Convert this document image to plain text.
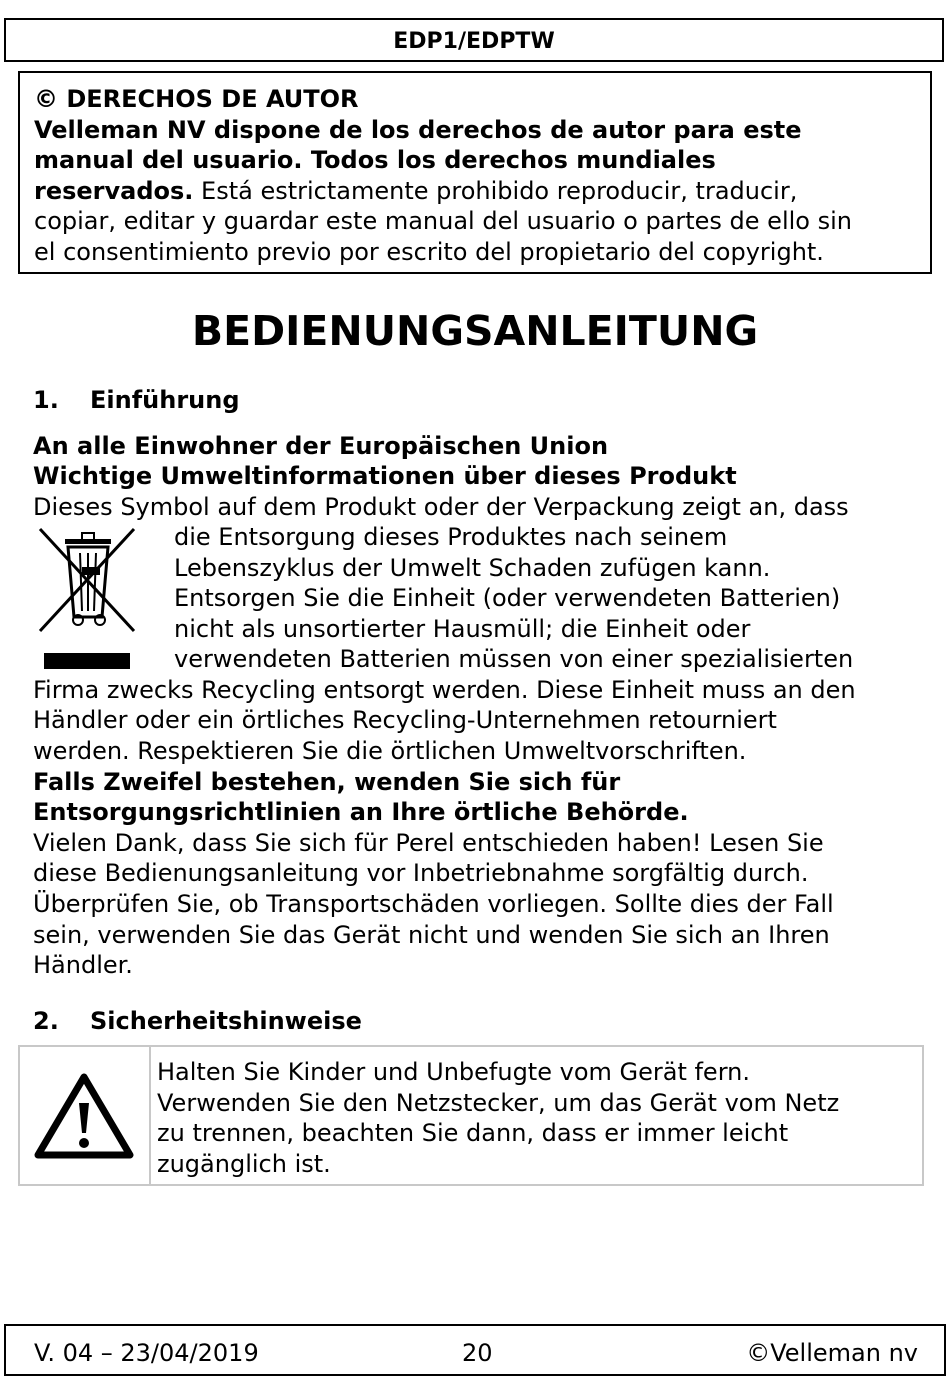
EDP1/EDPTW
© DERECHOS DE AUTOR
Velleman NV dispone de los derechos de autor para este
manual del usuario. Todos los derechos mundiales
reservados. Está estrictamente prohibido reproducir, traducir,
copiar, editar y guardar este manual del usuario o partes de ello sin
el consentimiento previo por escrito del propietario del copyright.
BEDIENUNGSANLEITUNG
1. Einführung
An alle Einwohner der Europäischen Union
Wichtige Umweltinformationen über dieses Produkt
Dieses Symbol auf dem Produkt oder der Verpackung zeigt an, dass
die Entsorgung dieses Produktes nach seinem
Lebenszyklus der Umwelt Schaden zufügen kann.
Entsorgen Sie die Einheit (oder verwendeten Batterien)
nicht als unsortierter Hausmüll; die Einheit oder
verwendeten Batterien müssen von einer spezialisierten
Firma zwecks Recycling entsorgt werden. Diese Einheit muss an den
Händler oder ein örtliches Recycling-Unternehmen retourniert
werden. Respektieren Sie die örtlichen Umweltvorschriften.
Falls Zweifel bestehen, wenden Sie sich für
Entsorgungsrichtlinien an Ihre örtliche Behörde.
Vielen Dank, dass Sie sich für Perel entschieden haben! Lesen Sie
diese Bedienungsanleitung vor Inbetriebnahme sorgfältig durch.
Überprüfen Sie, ob Transportschäden vorliegen. Sollte dies der Fall
sein, verwenden Sie das Gerät nicht und wenden Sie sich an Ihren
Händler.
2. Sicherheitshinweise
Halten Sie Kinder und Unbefugte vom Gerät fern.
Verwenden Sie den Netzstecker, um das Gerät vom Netz
zu trennen, beachten Sie dann, dass er immer leicht
zugänglich ist.
V. 04 – 23/04/2019	20	©Velleman nv
